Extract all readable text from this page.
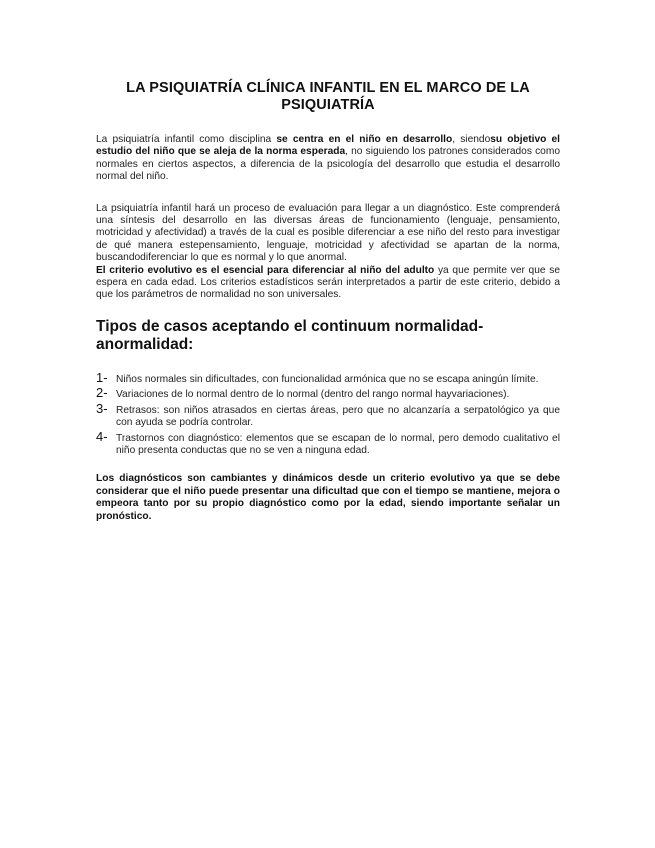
LA PSIQUIATRÍA CLÍNICA INFANTIL EN EL MARCO DE LA PSIQUIATRÍA

La psiquiatría infantil como disciplina se centra en el niño en desarrollo, siendosu objetivo el estudio del niño que se aleja de la norma esperada, no siguiendo los patrones considerados como normales en ciertos aspectos, a diferencia de la psicología del desarrollo que estudia el desarrollo normal del niño.

La psiquiatría infantil hará un proceso de evaluación para llegar a un diagnóstico. Este comprenderá una síntesis del desarrollo en las diversas áreas de funcionamiento (lenguaje, pensamiento, motricidad y afectividad) a través de la cual es posible diferenciar a ese niño del resto para investigar de qué manera estepensamiento, lenguaje, motricidad y afectividad se apartan de la norma, buscandodiferenciar lo que es normal y lo que anormal.

El criterio evolutivo es el esencial para diferenciar al niño del adulto ya que permite ver que se espera en cada edad. Los criterios estadísticos serán interpretados a partir de este criterio, debido a que los parámetros de normalidad no son universales.

Tipos de casos aceptando el continuum normalidad-anormalidad:
1- Niños normales sin dificultades, con funcionalidad armónica que no se escapa aningún límite.
2- Variaciones de lo normal dentro de lo normal (dentro del rango normal hayvariaciones).
3- Retrasos: son niños atrasados en ciertas áreas, pero que no alcanzaría a serpatológico ya que con ayuda se podría controlar.
4- Trastornos con diagnóstico: elementos que se escapan de lo normal, pero demodo cualitativo el niño presenta conductas que no se ven a ninguna edad.

Los diagnósticos son cambiantes y dinámicos desde un criterio evolutivo ya que se debe considerar que el niño puede presentar una dificultad que con el tiempo se mantiene, mejora o empeora tanto por su propio diagnóstico como por la edad, siendo importante señalar un pronóstico.
